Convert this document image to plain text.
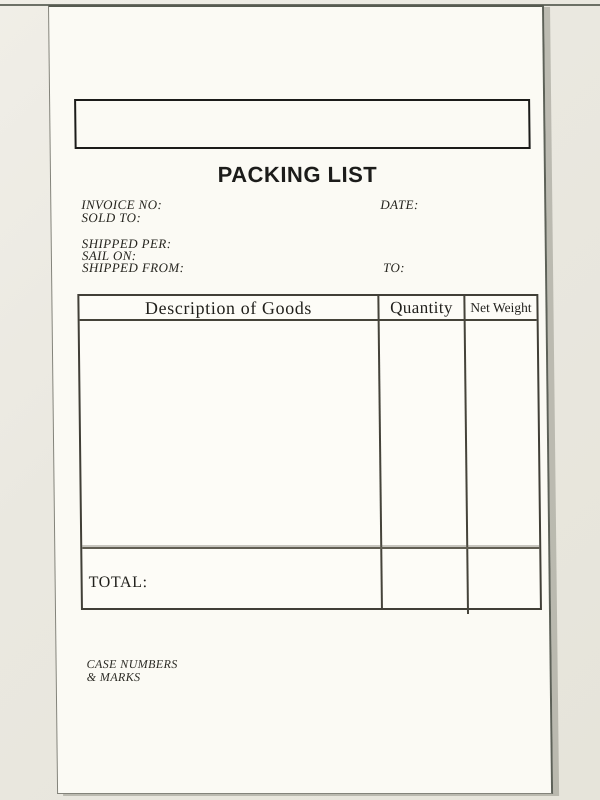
PACKING LIST
INVOICE NO:	DATE:
SOLD TO:
SHIPPED PER:
SAIL ON:
SHIPPED FROM:	TO:
Description of Goods	Quantity	Net Weight
TOTAL:
CASE NUMBERS
& MARKS
